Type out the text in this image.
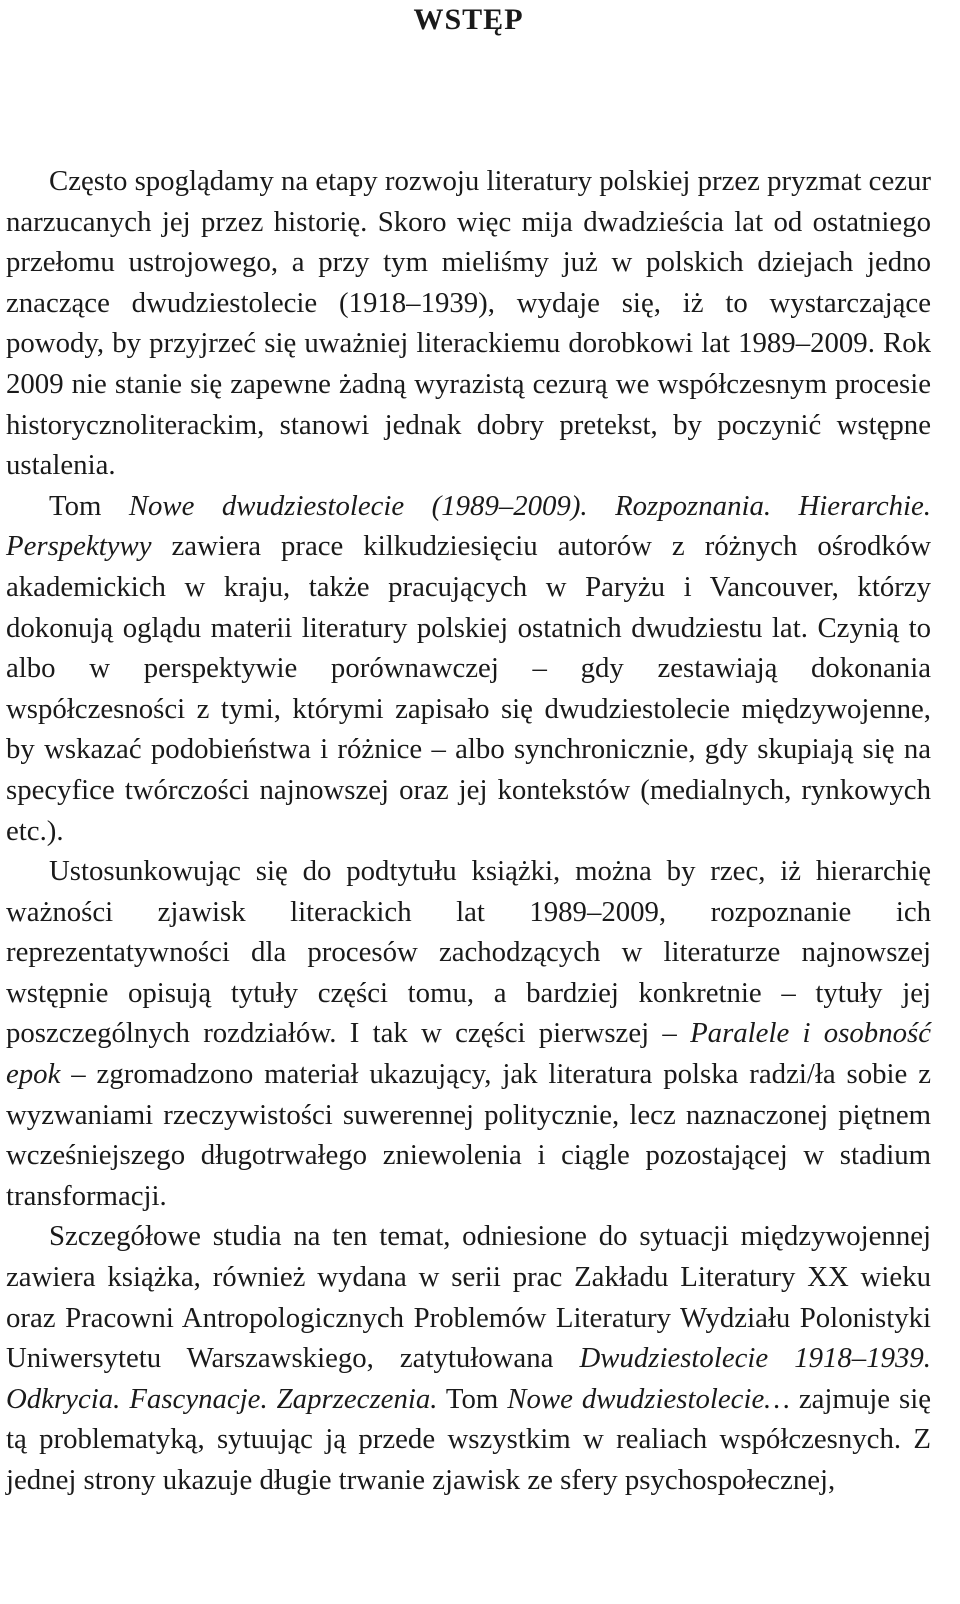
WSTĘP

Często spoglądamy na etapy rozwoju literatury polskiej przez pryzmat cezur narzucanych jej przez historię. Skoro więc mija dwadzieścia lat od ostatniego przełomu ustrojowego, a przy tym mieliśmy już w polskich dziejach jedno znaczące dwudziestolecie (1918–1939), wydaje się, iż to wystarczające powody, by przyjrzeć się uważniej literackiemu dorobkowi lat 1989–2009. Rok 2009 nie stanie się zapewne żadną wyrazistą cezurą we współczesnym procesie historycznoliterackim, stanowi jednak dobry pretekst, by poczynić wstępne ustalenia.

Tom Nowe dwudziestolecie (1989–2009). Rozpoznania. Hierarchie. Perspektywy zawiera prace kilkudziesięciu autorów z różnych ośrodków akademickich w kraju, także pracujących w Paryżu i Vancouver, którzy dokonują oglądu materii literatury polskiej ostatnich dwudziestu lat. Czynią to albo w perspektywie porównawczej – gdy zestawiają dokonania współczesności z tymi, którymi zapisało się dwudziestolecie międzywojenne, by wskazać podobieństwa i różnice – albo synchronicznie, gdy skupiają się na specyfice twórczości najnowszej oraz jej kontekstów (medialnych, rynkowych etc.).

Ustosunkowując się do podtytułu książki, można by rzec, iż hierarchię ważności zjawisk literackich lat 1989–2009, rozpoznanie ich reprezentatywności dla procesów zachodzących w literaturze najnowszej wstępnie opisują tytuły części tomu, a bardziej konkretnie – tytuły jej poszczególnych rozdziałów. I tak w części pierwszej – Paralele i osobność epok – zgromadzono materiał ukazujący, jak literatura polska radzi/ła sobie z wyzwaniami rzeczywistości suwerennej politycznie, lecz naznaczonej piętnem wcześniejszego długotrwałego zniewolenia i ciągle pozostającej w stadium transformacji.

Szczegółowe studia na ten temat, odniesione do sytuacji międzywojennej zawiera książka, również wydana w serii prac Zakładu Literatury XX wieku oraz Pracowni Antropologicznych Problemów Literatury Wydziału Polonistyki Uniwersytetu Warszawskiego, zatytułowana Dwudziestolecie 1918–1939. Odkrycia. Fascynacje. Zaprzeczenia. Tom Nowe dwudziestolecie… zajmuje się tą problematyką, sytuując ją przede wszystkim w realiach współczesnych. Z jednej strony ukazuje długie trwanie zjawisk ze sfery psychospołecznej,
